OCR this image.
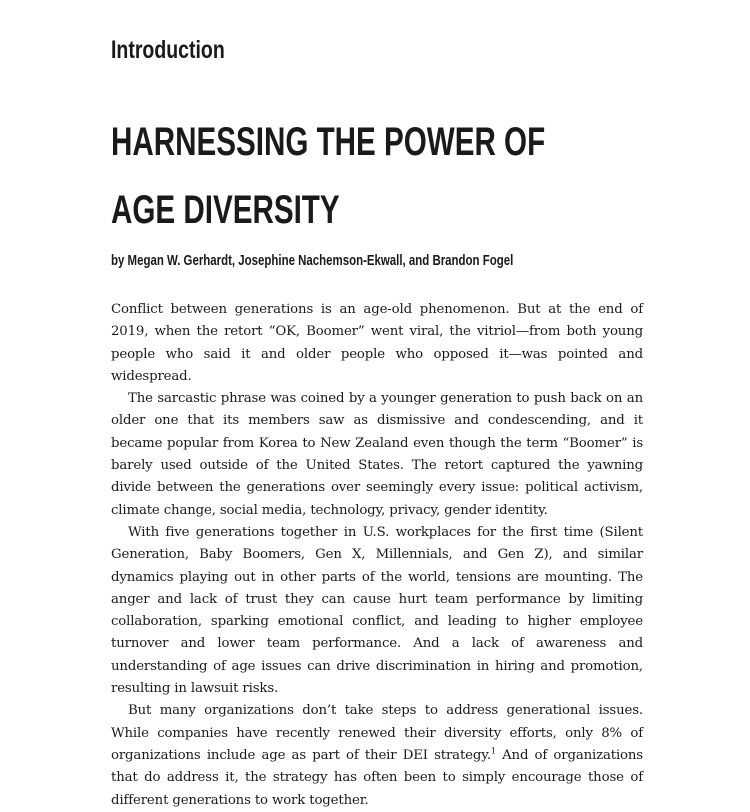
Introduction
HARNESSING THE POWER OF AGE DIVERSITY

by Megan W. Gerhardt, Josephine Nachemson-Ekwall, and Brandon Fogel

Conflict between generations is an age-old phenomenon. But at the end of 2019, when the retort “OK, Boomer” went viral, the vitriol—from both young people who said it and older people who opposed it—was pointed and widespread.

The sarcastic phrase was coined by a younger generation to push back on an older one that its members saw as dismissive and condescending, and it became popular from Korea to New Zealand even though the term “Boomer” is barely used outside of the United States. The retort captured the yawning divide between the generations over seemingly every issue: political activism, climate change, social media, technology, privacy, gender identity.

With five generations together in U.S. workplaces for the first time (Silent Generation, Baby Boomers, Gen X, Millennials, and Gen Z), and similar dynamics playing out in other parts of the world, tensions are mounting. The anger and lack of trust they can cause hurt team performance by limiting collaboration, sparking emotional conflict, and leading to higher employee turnover and lower team performance. And a lack of awareness and understanding of age issues can drive discrimination in hiring and promotion, resulting in lawsuit risks.

But many organizations don’t take steps to address generational issues. While companies have recently renewed their diversity efforts, only 8% of organizations include age as part of their DEI strategy.$^1$ And of organizations that do address it, the strategy has often been to simply encourage those of different generations to work together.
